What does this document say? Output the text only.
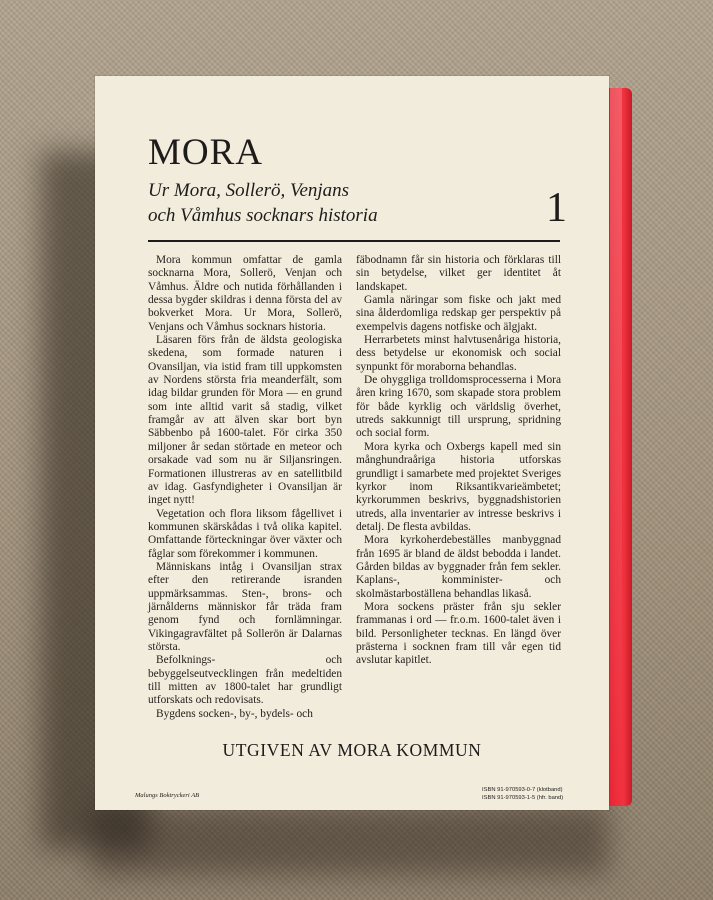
MORA
Ur Mora, Sollerö, Venjans
och Våmhus socknars historia	1

Mora kommun omfattar de gamla socknarna Mora, Sollerö, Venjan och Våmhus. Äldre och nutida förhållanden i dessa bygder skildras i denna första del av bokverket Mora. Ur Mora, Sollerö, Venjans och Våmhus socknars historia.

Läsaren förs från de äldsta geologiska skedena, som formade naturen i Ovansiljan, via istid fram till uppkomsten av Nordens största fria meanderfält, som idag bildar grunden för Mora — en grund som inte alltid varit så stadig, vilket framgår av att älven skar bort byn Säbbenbo på 1600-talet. För cirka 350 miljoner år sedan störtade en meteor och orsakade vad som nu är Siljansringen. Formationen illustreras av en satellitbild av idag. Gasfyndigheter i Ovansiljan är inget nytt!

Vegetation och flora liksom fågellivet i kommunen skärskådas i två olika kapitel. Omfattande förteckningar över växter och fåglar som förekommer i kommunen.

Människans intåg i Ovansiljan strax efter den retirerande isranden uppmärksammas. Sten-, brons- och järnålderns människor får träda fram genom fynd och fornlämningar. Vikingagravfältet på Sollerön är Dalarnas största.

Befolknings- och bebyggelseutvecklingen från medeltiden till mitten av 1800-talet har grundligt utforskats och redovisats.

Bygdens socken-, by-, bydels- och

fäbodnamn får sin historia och förklaras till sin betydelse, vilket ger identitet åt landskapet.

Gamla näringar som fiske och jakt med sina ålderdomliga redskap ger perspektiv på exempelvis dagens notfiske och älgjakt.

Herrarbetets minst halvtusenåriga historia, dess betydelse ur ekonomisk och social synpunkt för moraborna behandlas.

De ohyggliga trolldomsprocesserna i Mora åren kring 1670, som skapade stora problem för både kyrklig och världslig överhet, utreds sakkunnigt till ursprung, spridning och social form.

Mora kyrka och Oxbergs kapell med sin månghundraåriga historia utforskas grundligt i samarbete med projektet Sveriges kyrkor inom Riksantikvarieämbetet; kyrkorummen beskrivs, byggnadshistorien utreds, alla inventarier av intresse beskrivs i detalj. De flesta avbildas.

Mora kyrkoherdebeställes manbyggnad från 1695 är bland de äldst bebodda i landet. Gården bildas av byggnader från fem sekler. Kaplans-, komminister- och skolmästarboställena behandlas likaså.

Mora sockens präster från sju sekler frammanas i ord — fr.o.m. 1600-talet även i bild. Personligheter tecknas. En längd över prästerna i socknen fram till vår egen tid avslutar kapitlet.

UTGIVEN AV MORA KOMMUN
Malungs Boktryckeri AB
ISBN 91-970593-0-7 (klotband)
ISBN 91-970593-1-5 (hfr. band)
